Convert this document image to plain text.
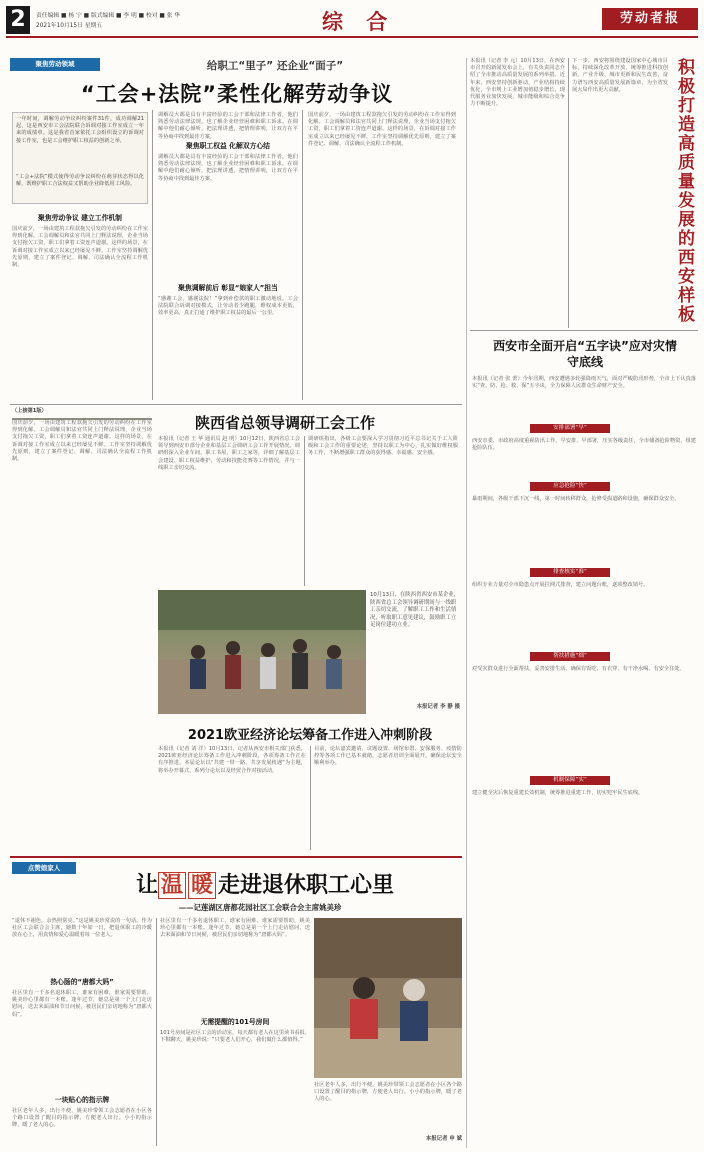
2	责任编辑 ■ 杨 宁 ■ 版式编辑 ■ 李 明 ■ 校对 ■ 张 华
2021年10月15日 星期五	综 合	劳动者报
聚焦劳动领域	给职工“里子” 还企业“面子”
“工会+法院”柔性化解劳动争议
一年时间，调解劳动争议纠纷案件31件，成功调解21起，这是西安市工会法院联合诉调对接工作室成立一年来的成绩单。这是我省首家依托工会组织设立的诉调对接工作室，也是工会维护职工权益的创新之举。
“工会+法院”模式使得劳动争议纠纷在萌芽状态得以化解，既维护职工合法权益又帮助企业降低用工风险。
聚焦劳动争议 建立工作机制
国庆前夕，一场由建筑工程款拖欠引发的劳动纠纷在工作室得到化解。工会调解员和法官共同上门释法说理，企业当场支付拖欠工资，职工们拿着工资连声道谢。这样的场景，在诉调对接工作室成立以来已经屡见不鲜。工作室坚持调解优先原则，建立了案件登记、调解、司法确认全流程工作机制。
调解员大都是具有丰富经验的工会干部和法律工作者，他们熟悉劳动法律法规，也了解企业经营困难和职工诉求。在调解中他们耐心倾听，把法理讲透，把情理讲明，让双方在平等协商中找到最佳方案。
聚焦职工权益 化解双方心结
调解员大都是具有丰富经验的工会干部和法律工作者，他们熟悉劳动法律法规，也了解企业经营困难和职工诉求。在调解中他们耐心倾听，把法理讲透，把情理讲明，让双方在平等协商中找到最佳方案。
聚焦调解前后 彰显“娘家人”担当
“感谢工会，感谢法院！”拿到补偿款的职工激动地说。工会法院联合诉调对接模式，让劳动者少跑腿，维权成本更低，效率更高，真正打通了维护职工权益的最后一公里。
国庆前夕，一场由建筑工程款拖欠引发的劳动纠纷在工作室得到化解。工会调解员和法官共同上门释法说理，企业当场支付拖欠工资，职工们拿着工资连声道谢。这样的场景，在诉调对接工作室成立以来已经屡见不鲜。工作室坚持调解优先原则，建立了案件登记、调解、司法确认全流程工作机制。	积极打造高质量发展的西安样板
本报讯（记者 李 元）10月13日，在西安市召开的新闻发布会上，有关负责同志介绍了全市推动高质量发展的系列举措。近年来，西安坚持创新驱动，产业结构持续优化，全市规上工业增加值稳步增长，现代服务业加快发展，城市能级和综合竞争力不断提升。
下一步，西安将围绕建设国家中心城市目标，持续深化改革开放，统筹推进科技创新、产业升级、城市更新和民生改善，奋力谱写西安高质量发展新篇章，为全省发展大局作出更大贡献。
西安市全面开启“五字诀”应对灾情守底线
本报讯（记者 张 蕾）今年汛期，西安遭遇多轮强降雨天气，面对严峻防汛形势，全市上下认真落实“查、防、抢、救、保”五字诀，全力保障人民群众生命财产安全。
安排部署“早”
西安市委、市政府高度重视防汛工作，早安排、早部署，压实各级责任，全市储备抢险物资，组建抢险队伍。
应急抢险“快”
暴雨期间，各级干部下沉一线，第一时间转移群众，抢修受损道路和设施，确保群众安全。
排查核实“准”
组织专业力量对全市隐患点开展拉网式排查，建立问题台账，逐项整改销号。
帮扶措施“细”
对受灾群众进行全面帮扶，妥善安排生活，确保有饭吃、有衣穿、有干净水喝、有安全住处。
机制保障“实”
建立健全灾后恢复重建长效机制，统筹推进重建工作，切实兜牢民生底线。
陕西省总领导调研工会工作
本报讯（记者 王 华 通讯员 赵 明）10月12日，陕西省总工会领导到西安市部分企业和基层工会调研工会工作开展情况。调研组深入企业车间、职工书屋、职工之家等，详细了解基层工会建设、职工权益维护、劳动和技能竞赛等工作情况，并与一线职工亲切交流。
调研组指出，各级工会要深入学习贯彻习近平总书记关于工人阶级和工会工作的重要论述，坚持以职工为中心，扎实做好维权服务工作，不断增强职工群众的获得感、幸福感、安全感。
10月13日，在陕西省西安市某企业，陕西省总工会领导调研期间与一线职工亲切交流，了解职工工作和生活情况，听取职工意见建议，鼓励职工立足岗位建功立业。
本报记者 李 静 摄
（上接第1版）
国庆前夕，一场由建筑工程款拖欠引发的劳动纠纷在工作室得到化解。工会调解员和法官共同上门释法说理，企业当场支付拖欠工资，职工们拿着工资连声道谢。这样的场景，在诉调对接工作室成立以来已经屡见不鲜。工作室坚持调解优先原则，建立了案件登记、调解、司法确认全流程工作机制。
2021欧亚经济论坛筹备工作进入冲刺阶段
本报讯（记者 刘 洋）10月13日，记者从西安市相关部门获悉，2021欧亚经济论坛筹备工作进入冲刺阶段，各项筹备工作正在有序推进。本届论坛以“共建一带一路，共享发展机遇”为主题，将举办开幕式、系列分论坛以及经贸合作对接活动。
目前，论坛嘉宾邀请、议题设置、场馆布置、安保服务、疫情防控等各项工作已基本就绪，志愿者培训全面展开，确保论坛安全顺利举办。
点赞娘家人
让 温 暖 走进退休职工心里
——记莲湖区唐都花园社区工会联合会主席姚美珍
“退休不褪色，余热照常亮。”这是姚美珍常说的一句话。作为社区工会联合会主席，她数十年如一日，把退休职工的冷暖放在心上，用真情和爱心温暖着每一位老人。
热心肠的“唐都大妈”
社区里有一千多名退休职工，谁家有困难，谁家需要帮助，姚美珍心里都有一本账。逢年过节，她总是第一个上门走访慰问，送去米面油和节日问候，被居民们亲切地称为“唐都大妈”。
一块贴心的指示牌
社区老年人多，出行不便，姚美珍带领工会志愿者在小区各个路口设置了醒目的指示牌，方便老人出行。小小的指示牌，暖了老人的心。
社区里有一千多名退休职工，谁家有困难，谁家需要帮助，姚美珍心里都有一本账。逢年过节，她总是第一个上门走访慰问，送去米面油和节日问候，被居民们亲切地称为“唐都大妈”。
无需提醒的101号房间
101号房间是社区工会的活动室，每天都有老人在这里读书看报、下棋聊天。姚美珍说：“只要老人们开心，我们做什么都值得。”
社区老年人多，出行不便，姚美珍带领工会志愿者在小区各个路口设置了醒目的指示牌，方便老人出行。小小的指示牌，暖了老人的心。
本报记者 申 斌
